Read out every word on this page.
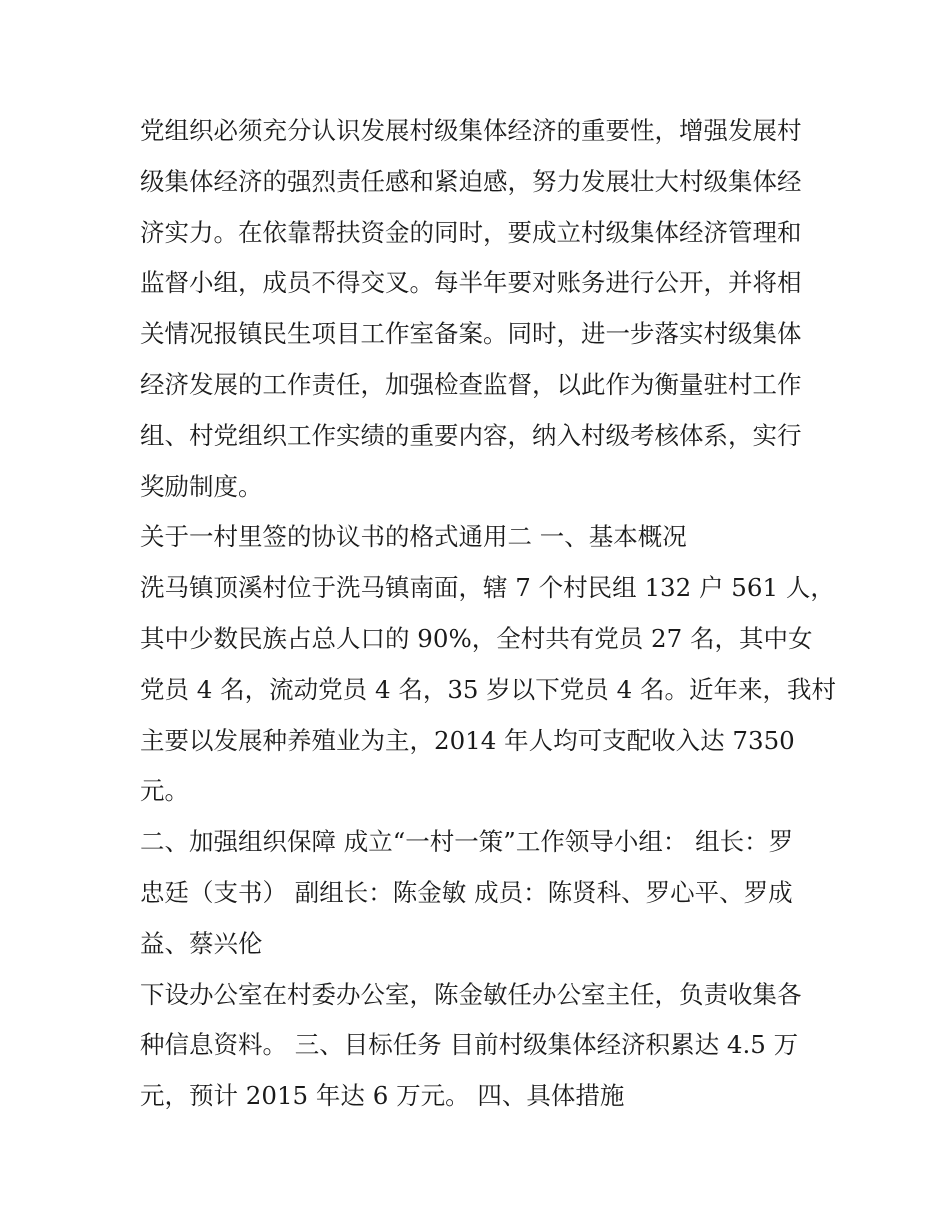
党组织必须充分认识发展村级集体经济的重要性，增强发展村
级集体经济的强烈责任感和紧迫感，努力发展壮大村级集体经
济实力。在依靠帮扶资金的同时，要成立村级集体经济管理和
监督小组，成员不得交叉。每半年要对账务进行公开，并将相
关情况报镇民生项目工作室备案。同时，进一步落实村级集体
经济发展的工作责任，加强检查监督，以此作为衡量驻村工作
组、村党组织工作实绩的重要内容，纳入村级考核体系，实行
奖励制度。
关于一村里签的协议书的格式通用二 一、基本概况
洗马镇顶溪村位于洗马镇南面，辖 7 个村民组 132 户 561 人，
其中少数民族占总人口的 90%，全村共有党员 27 名，其中女
党员 4 名，流动党员 4 名，35 岁以下党员 4 名。近年来，我村
主要以发展种养殖业为主，2014 年人均可支配收入达 7350
元。
二、加强组织保障 成立“一村一策”工作领导小组： 组长：罗
忠廷（支书） 副组长：陈金敏 成员：陈贤科、罗心平、罗成
益、蔡兴伦
下设办公室在村委办公室，陈金敏任办公室主任，负责收集各
种信息资料。 三、目标任务 目前村级集体经济积累达 4.5 万
元，预计 2015 年达 6 万元。 四、具体措施
